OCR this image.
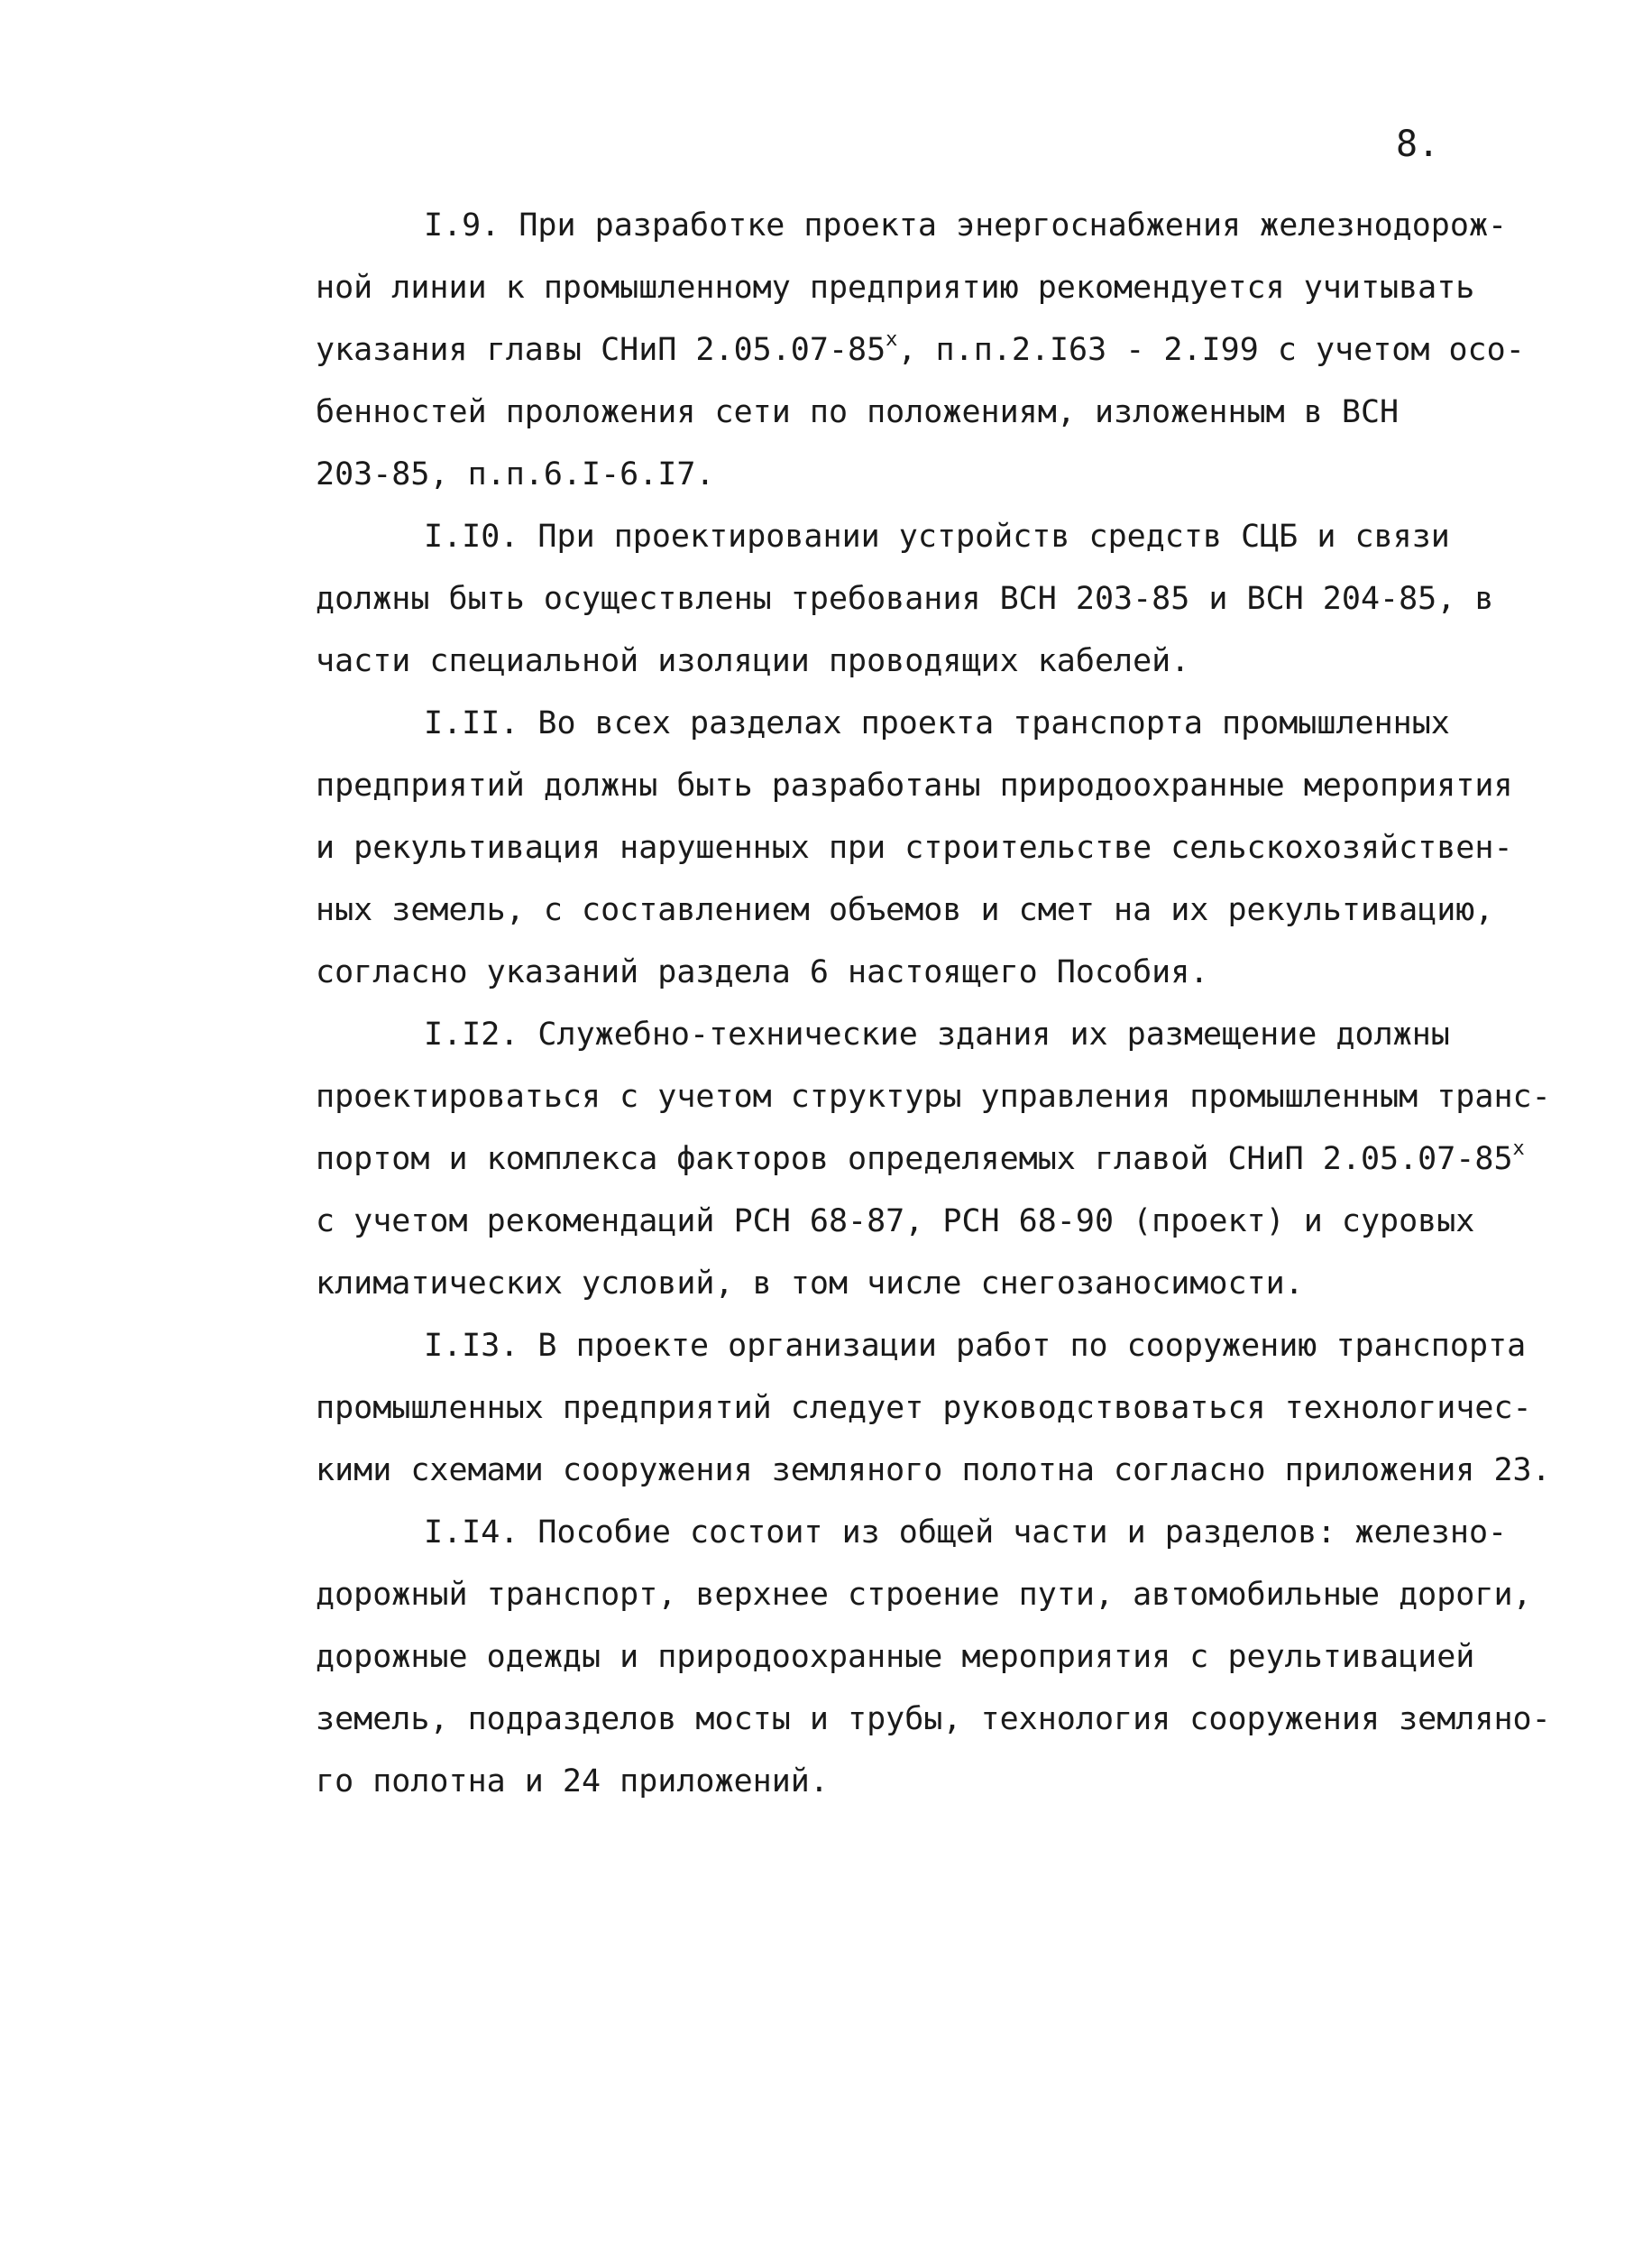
8.
I.9. При разработке проекта энергоснабжения железнодорож-
ной линии к промышленному предприятию рекомендуется учитывать
указания главы СНиП 2.05.07-85$^x$, п.п.2.I63 - 2.I99 с учетом осо-
бенностей проложения сети по положениям, изложенным в ВСН
203-85, п.п.6.I-6.I7.
I.I0. При проектировании устройств средств СЦБ и связи
должны быть осуществлены требования ВСН 203-85 и ВСН 204-85, в
части специальной изоляции проводящих кабелей.
I.II. Во всех разделах проекта транспорта промышленных
предприятий должны быть разработаны природоохранные мероприятия
и рекультивация нарушенных при строительстве сельскохозяйствен-
ных земель, с составлением объемов и смет на их рекультивацию,
согласно указаний раздела 6 настоящего Пособия.
I.I2. Служебно-технические здания их размещение должны
проектироваться с учетом структуры управления промышленным транс-
портом и комплекса факторов определяемых главой СНиП 2.05.07-85$^x$
с учетом рекомендаций РСН 68-87, РСН 68-90 (проект) и суровых
климатических условий, в том числе снегозаносимости.
I.I3. В проекте организации работ по сооружению транспорта
промышленных предприятий следует руководствоваться технологичес-
кими схемами сооружения земляного полотна согласно приложения 23.
I.I4. Пособие состоит из общей части и разделов: железно-
дорожный транспорт, верхнее строение пути, автомобильные дороги,
дорожные одежды и природоохранные мероприятия с реультивацией
земель, подразделов мосты и трубы, технология сооружения земляно-
го полотна и 24 приложений.
